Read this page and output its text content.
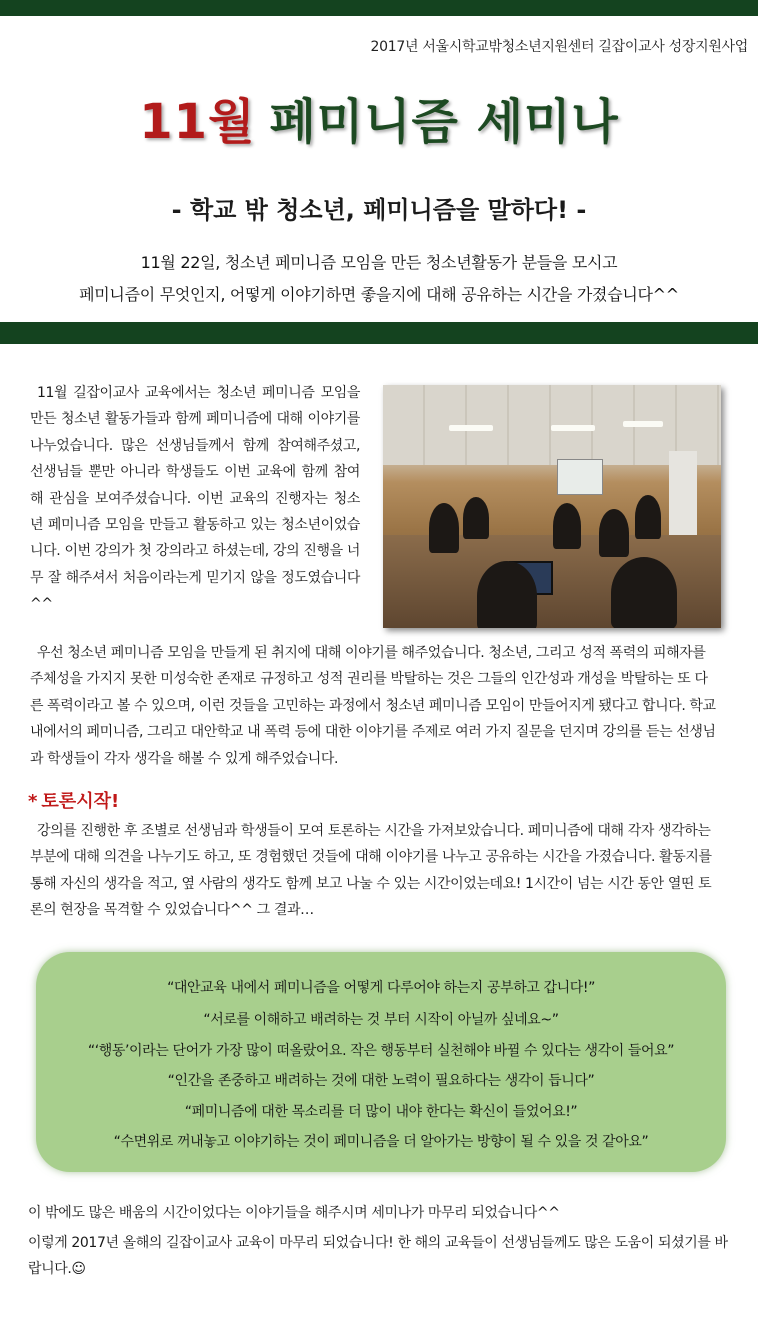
2017년 서울시학교밖청소년지원센터 길잡이교사 성장지원사업
11월 페미니즘 세미나
- 학교 밖 청소년, 페미니즘을 말하다! -
11월 22일, 청소년 페미니즘 모임을 만든 청소년활동가 분들을 모시고
페미니즘이 무엇인지, 어떻게 이야기하면 좋을지에 대해 공유하는 시간을 가졌습니다^^
11월 길잡이교사 교육에서는 청소년 페미니즘 모임을 만든 청소년 활동가들과 함께 페미니즘에 대해 이야기를 나누었습니다. 많은 선생님들께서 함께 참여해주셨고, 선생님들 뿐만 아니라 학생들도 이번 교육에 함께 참여해 관심을 보여주셨습니다. 이번 교육의 진행자는 청소년 페미니즘 모임을 만들고 활동하고 있는 청소년이었습니다. 이번 강의가 첫 강의라고 하셨는데, 강의 진행을 너무 잘 해주셔서 처음이라는게 믿기지 않을 정도였습니다^^
우선 청소년 페미니즘 모임을 만들게 된 취지에 대해 이야기를 해주었습니다. 청소년, 그리고 성적 폭력의 피해자를 주체성을 가지지 못한 미성숙한 존재로 규정하고 성적 권리를 박탈하는 것은 그들의 인간성과 개성을 박탈하는 또 다른 폭력이라고 볼 수 있으며, 이런 것들을 고민하는 과정에서 청소년 페미니즘 모임이 만들어지게 됐다고 합니다. 학교 내에서의 페미니즘, 그리고 대안학교 내 폭력 등에 대한 이야기를 주제로 여러 가지 질문을 던지며 강의를 듣는 선생님과 학생들이 각자 생각을 해볼 수 있게 해주었습니다.
* 토론시작!
강의를 진행한 후 조별로 선생님과 학생들이 모여 토론하는 시간을 가져보았습니다. 페미니즘에 대해 각자 생각하는 부분에 대해 의견을 나누기도 하고, 또 경험했던 것들에 대해 이야기를 나누고 공유하는 시간을 가졌습니다. 활동지를 통해 자신의 생각을 적고, 옆 사람의 생각도 함께 보고 나눌 수 있는 시간이었는데요! 1시간이 넘는 시간 동안 열띤 토론의 현장을 목격할 수 있었습니다^^ 그 결과…
“대안교육 내에서 페미니즘을 어떻게 다루어야 하는지 공부하고 갑니다!”
“서로를 이해하고 배려하는 것 부터 시작이 아닐까 싶네요~”
“‘행동’이라는 단어가 가장 많이 떠올랐어요. 작은 행동부터 실천해야 바뀔 수 있다는 생각이 들어요”
“인간을 존중하고 배려하는 것에 대한 노력이 필요하다는 생각이 듭니다”
“페미니즘에 대한 목소리를 더 많이 내야 한다는 확신이 들었어요!”
“수면위로 꺼내놓고 이야기하는 것이 페미니즘을 더 알아가는 방향이 될 수 있을 것 같아요”
이 밖에도 많은 배움의 시간이었다는 이야기들을 해주시며 세미나가 마무리 되었습니다^^
이렇게 2017년 올해의 길잡이교사 교육이 마무리 되었습니다! 한 해의 교육들이 선생님들께도 많은 도움이 되셨기를 바랍니다.☺
